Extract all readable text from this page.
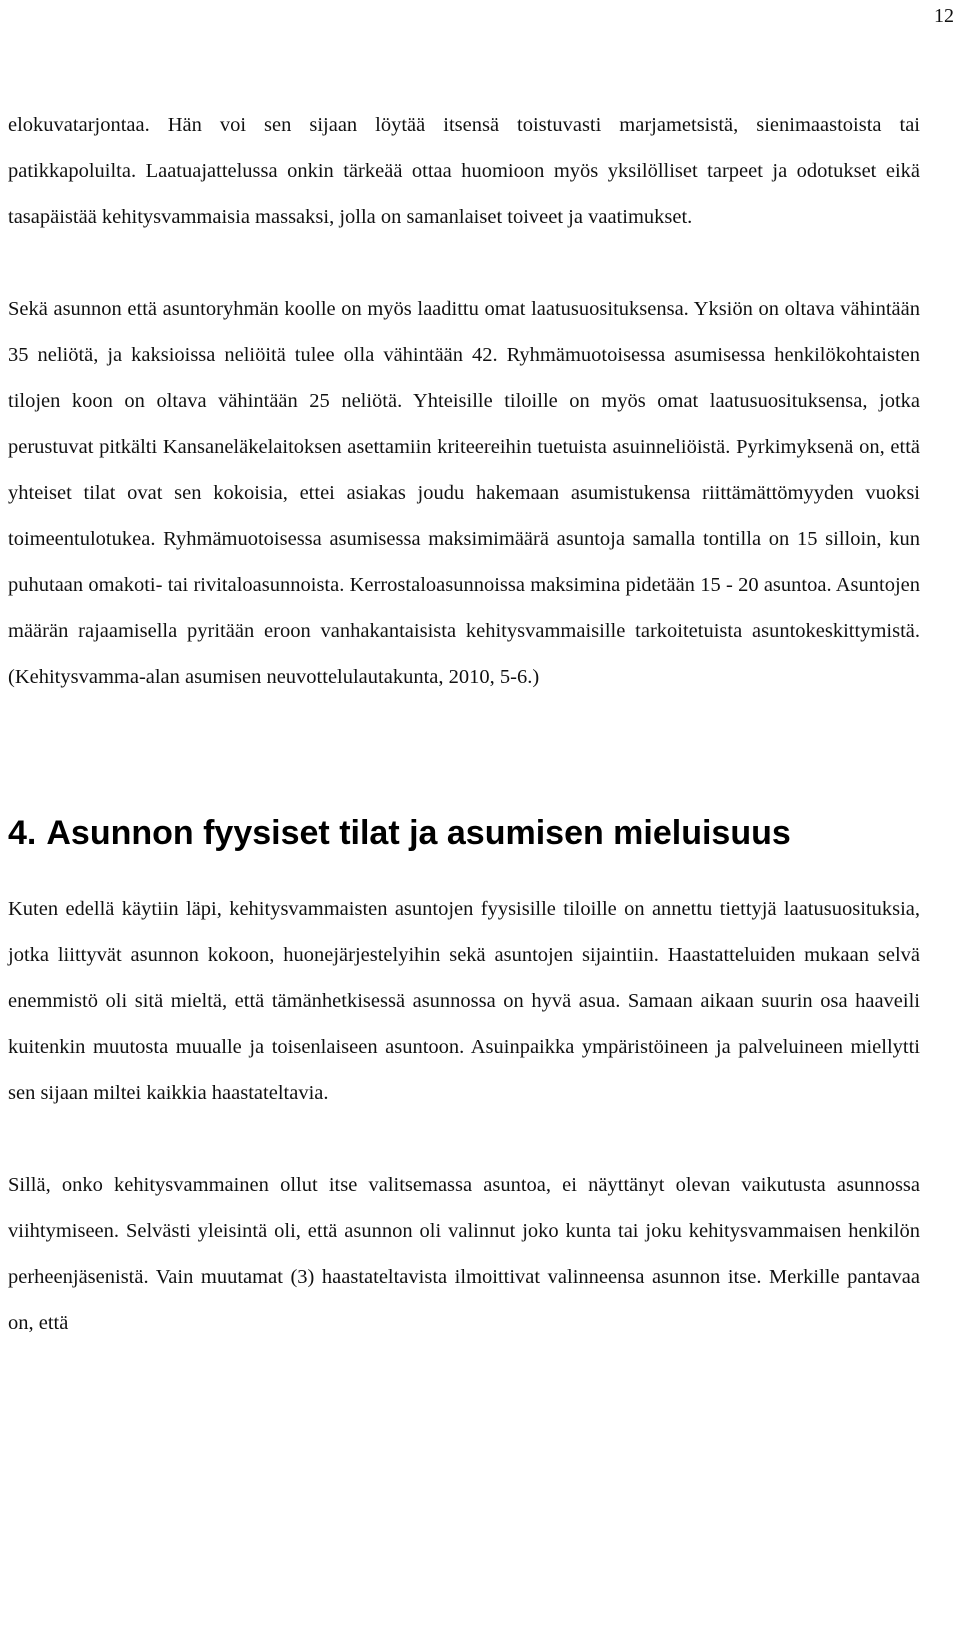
12

elokuvatarjontaa. Hän voi sen sijaan löytää itsensä toistuvasti marjametsistä, sienimaastoista tai patikkapoluilta. Laatuajattelussa onkin tärkeää ottaa huomioon myös yksilölliset tarpeet ja odotukset eikä tasapäistää kehitysvammaisia massaksi, jolla on samanlaiset toiveet ja vaatimukset.

Sekä asunnon että asuntoryhmän koolle on myös laadittu omat laatusuosituksensa. Yksiön on oltava vähintään 35 neliötä, ja kaksioissa neliöitä tulee olla vähintään 42. Ryhmämuotoisessa asumisessa henkilökohtaisten tilojen koon on oltava vähintään 25 neliötä. Yhteisille tiloille on myös omat laatusuosituksensa, jotka perustuvat pitkälti Kansaneläkelaitoksen asettamiin kriteereihin tuetuista asuinneliöistä. Pyrkimyksenä on, että yhteiset tilat ovat sen kokoisia, ettei asiakas joudu hakemaan asumistukensa riittämättömyyden vuoksi toimeentulotukea. Ryhmämuotoisessa asumisessa maksimimäärä asuntoja samalla tontilla on 15 silloin, kun puhutaan omakoti- tai rivitaloasunnoista. Kerrostaloasunnoissa maksimina pidetään 15 - 20 asuntoa. Asuntojen määrän rajaamisella pyritään eroon vanhakantaisista kehitysvammaisille tarkoitetuista asuntokeskittymistä. (Kehitysvamma-alan asumisen neuvottelulautakunta, 2010, 5-6.)

4. Asunnon fyysiset tilat ja asumisen mieluisuus

Kuten edellä käytiin läpi, kehitysvammaisten asuntojen fyysisille tiloille on annettu tiettyjä laatusuosituksia, jotka liittyvät asunnon kokoon, huonejärjestelyihin sekä asuntojen sijaintiin. Haastatteluiden mukaan selvä enemmistö oli sitä mieltä, että tämänhetkisessä asunnossa on hyvä asua. Samaan aikaan suurin osa haaveili kuitenkin muutosta muualle ja toisenlaiseen asuntoon. Asuinpaikka ympäristöineen ja palveluineen miellytti sen sijaan miltei kaikkia haastateltavia.

Sillä, onko kehitysvammainen ollut itse valitsemassa asuntoa, ei näyttänyt olevan vaikutusta asunnossa viihtymiseen. Selvästi yleisintä oli, että asunnon oli valinnut joko kunta tai joku kehitysvammaisen henkilön perheenjäsenistä. Vain muutamat (3) haastateltavista ilmoittivat valinneensa asunnon itse. Merkille pantavaa on, että
